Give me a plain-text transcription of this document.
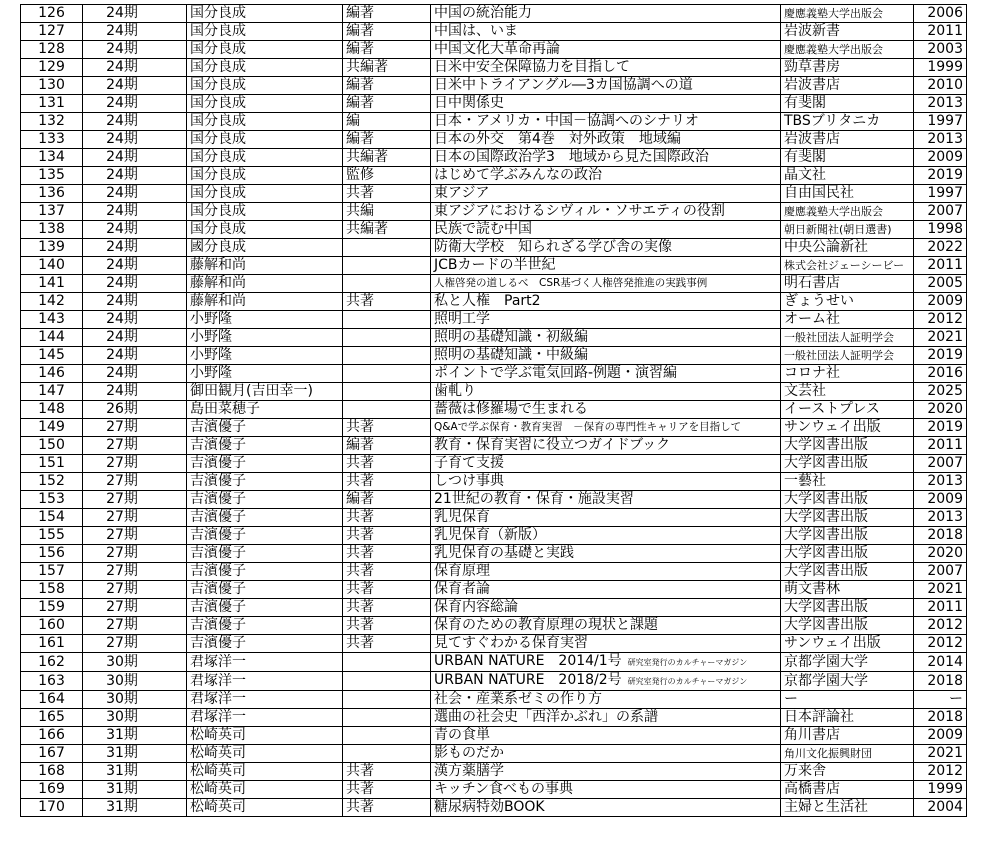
126	24期	国分良成	編著	中国の統治能力	慶應義塾大学出版会	2006
127	24期	国分良成	編著	中国は、いま	岩波新書	2011
128	24期	国分良成	編著	中国文化大革命再論	慶應義塾大学出版会	2003
129	24期	国分良成	共編著	日米中安全保障協力を目指して	勁草書房	1999
130	24期	国分良成	編著	日米中トライアングル―3カ国協調への道	岩波書店	2010
131	24期	国分良成	編著	日中関係史	有斐閣	2013
132	24期	国分良成	編	日本・アメリカ・中国－協調へのシナリオ	TBSブリタニカ	1997
133	24期	国分良成	編著	日本の外交　第4巻　対外政策　地域編	岩波書店	2013
134	24期	国分良成	共編著	日本の国際政治学3　地域から見た国際政治	有斐閣	2009
135	24期	国分良成	監修	はじめて学ぶみんなの政治	晶文社	2019
136	24期	国分良成	共著	東アジア	自由国民社	1997
137	24期	国分良成	共編	東アジアにおけるシヴィル・ソサエティの役割	慶應義塾大学出版会	2007
138	24期	国分良成	共編著	民族で読む中国	朝日新聞社(朝日選書)	1998
139	24期	國分良成		防衛大学校　知られざる学び舎の実像	中央公論新社	2022
140	24期	藤解和尚		JCBカードの半世紀	株式会社ジェーシービー	2011
141	24期	藤解和尚		人権啓発の道しるべ　CSR基づく人権啓発推進の実践事例	明石書店	2005
142	24期	藤解和尚	共著	私と人権　Part2	ぎょうせい	2009
143	24期	小野隆		照明工学	オーム社	2012
144	24期	小野隆		照明の基礎知識・初級編	一般社団法人証明学会	2021
145	24期	小野隆		照明の基礎知識・中級編	一般社団法人証明学会	2019
146	24期	小野隆		ポイントで学ぶ電気回路-例題・演習編	コロナ社	2016
147	24期	御田観月(吉田幸一)		歯軋り	文芸社	2025
148	26期	島田菜穂子		薔薇は修羅場で生まれる	イーストプレス	2020
149	27期	吉濱優子	共著	Q&Aで学ぶ保育・教育実習　－保育の専門性キャリアを目指して	サンウェイ出版	2019
150	27期	吉濱優子	編著	教育・保育実習に役立つガイドブック	大学図書出版	2011
151	27期	吉濱優子	共著	子育て支援	大学図書出版	2007
152	27期	吉濱優子	共著	しつけ事典	一藝社	2013
153	27期	吉濱優子	編著	21世紀の教育・保育・施設実習	大学図書出版	2009
154	27期	吉濱優子	共著	乳児保育	大学図書出版	2013
155	27期	吉濱優子	共著	乳児保育（新版）	大学図書出版	2018
156	27期	吉濱優子	共著	乳児保育の基礎と実践	大学図書出版	2020
157	27期	吉濱優子	共著	保育原理	大学図書出版	2007
158	27期	吉濱優子	共著	保育者論	萌文書林	2021
159	27期	吉濱優子	共著	保育内容総論	大学図書出版	2011
160	27期	吉濱優子	共著	保育のための教育原理の現状と課題	大学図書出版	2012
161	27期	吉濱優子	共著	見てすぐわかる保育実習	サンウェイ出版	2012
162	30期	君塚洋一		URBAN NATURE　2014/1号 研究室発行のカルチャーマガジン	京都学園大学	2014
163	30期	君塚洋一		URBAN NATURE　2018/2号 研究室発行のカルチャーマガジン	京都学園大学	2018
164	30期	君塚洋一		社会・産業系ゼミの作り方	ー	ー
165	30期	君塚洋一		選曲の社会史「西洋かぶれ」の系譜	日本評論社	2018
166	31期	松崎英司		青の食単	角川書店	2009
167	31期	松崎英司		影ものだか	角川文化振興財団	2021
168	31期	松崎英司	共著	漢方薬膳学	万来舎	2012
169	31期	松崎英司	共著	キッチン食べもの事典	高橋書店	1999
170	31期	松崎英司	共著	糖尿病特効BOOK	主婦と生活社	2004
